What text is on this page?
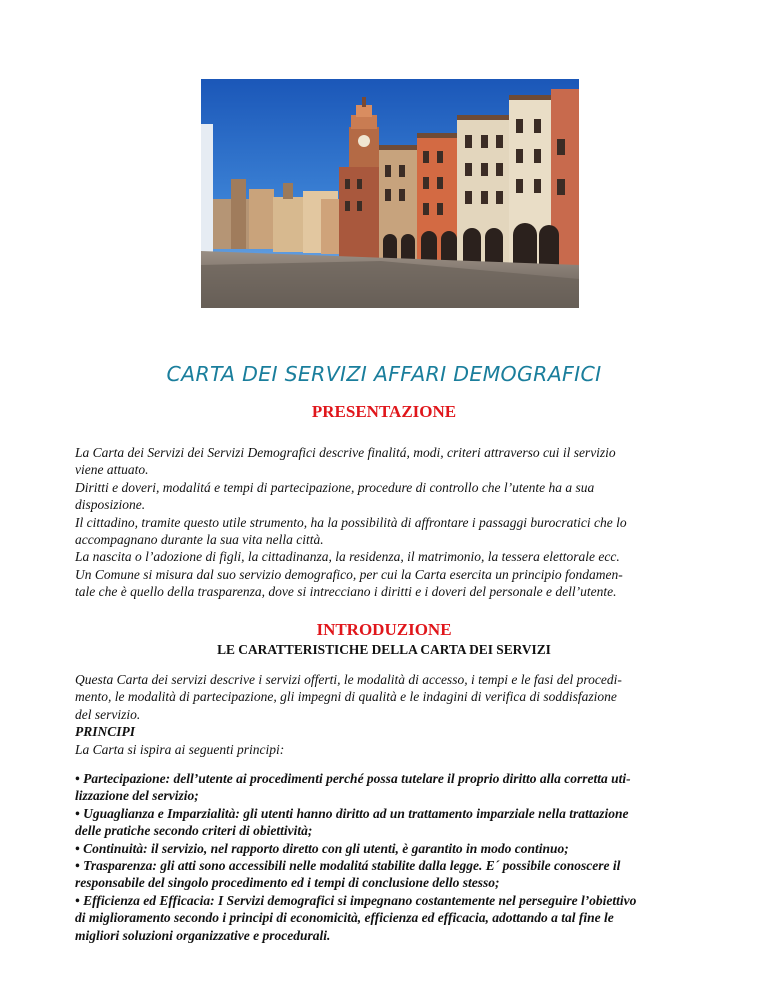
CARTA DEI SERVIZI AFFARI DEMOGRAFICI
PRESENTAZIONE

La Carta dei Servizi dei Servizi Demografici descrive finalitá, modi, criteri attraverso cui il servizio

viene attuato.

Diritti e doveri, modalitá e tempi di partecipazione, procedure di controllo che l’utente ha a sua

disposizione.

Il cittadino, tramite questo utile strumento, ha la possibilità di affrontare i passaggi burocratici che lo

accompagnano durante la sua vita nella città.

La nascita o l’adozione di figli, la cittadinanza, la residenza, il matrimonio, la tessera elettorale ecc.

Un Comune si misura dal suo servizio demografico, per cui la Carta esercita un principio fondamen-

tale che è quello della trasparenza, dove si intrecciano i diritti e i doveri del personale e dell’utente.

INTRODUZIONE
LE CARATTERISTICHE DELLA CARTA DEI SERVIZI

Questa Carta dei servizi descrive i servizi offerti, le modalità di accesso, i tempi e le fasi del procedi-

mento, le modalità di partecipazione, gli impegni di qualità e le indagini di verifica di soddisfazione

del servizio.

PRINCIPI

La Carta si ispira ai seguenti principi:

• Partecipazione: dell’utente ai procedimenti perché possa tutelare il proprio diritto alla corretta uti-

lizzazione del servizio;

• Uguaglianza e Imparzialità: gli utenti hanno diritto ad un trattamento imparziale nella trattazione

delle pratiche secondo criteri di obiettività;

• Continuità: il servizio, nel rapporto diretto con gli utenti, è garantito in modo continuo;

• Trasparenza: gli atti sono accessibili nelle modalitá stabilite dalla legge. E´ possibile conoscere il

responsabile del singolo procedimento ed i tempi di conclusione dello stesso;

• Efficienza ed Efficacia: I Servizi demografici si impegnano costantemente nel perseguire l’obiettivo

di miglioramento secondo i principi di economicità, efficienza ed efficacia, adottando a tal fine le

migliori soluzioni organizzative e procedurali.
